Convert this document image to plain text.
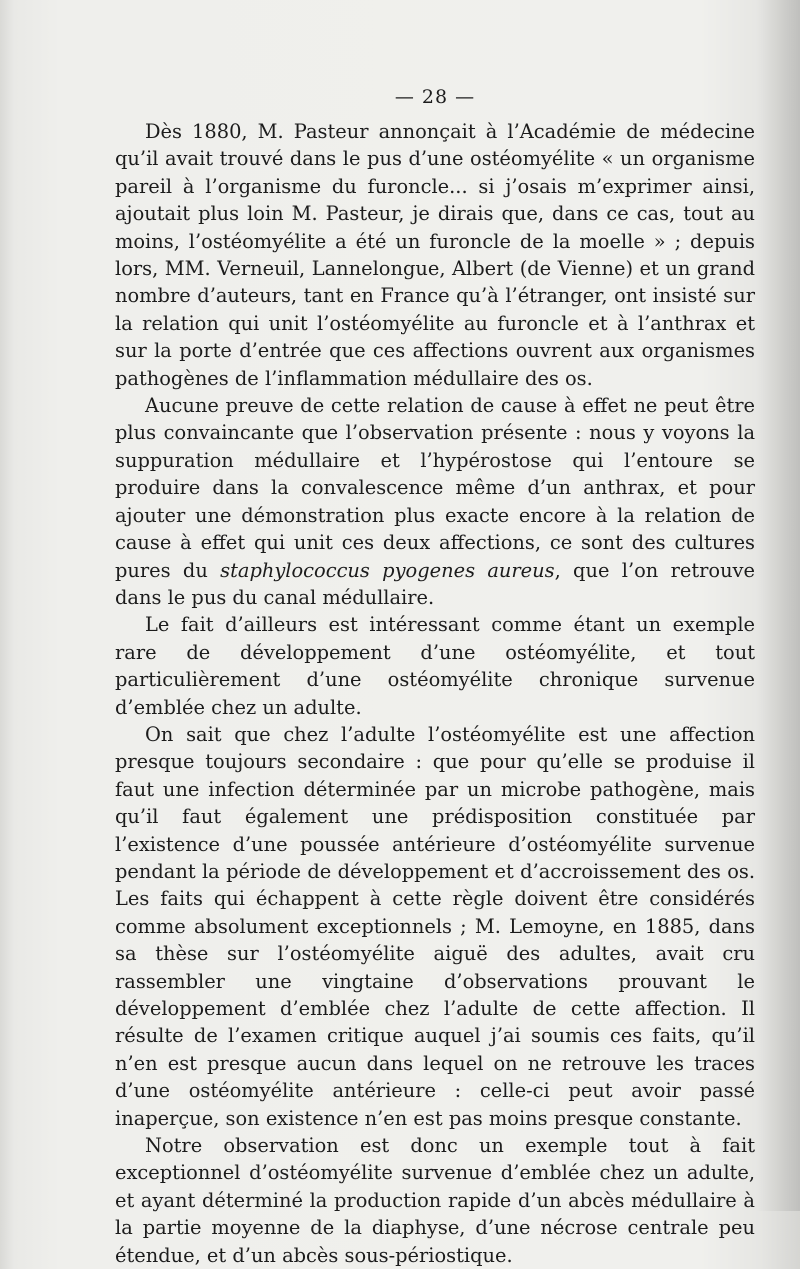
— 28 —

Dès 1880, M. Pasteur annonçait à l’Académie de médecine qu’il avait trouvé dans le pus d’une ostéomyélite « un organisme pareil à l’organisme du furoncle... si j’osais m’exprimer ainsi, ajoutait plus loin M. Pasteur, je dirais que, dans ce cas, tout au moins, l’ostéomyélite a été un furoncle de la moelle » ; depuis lors, MM. Verneuil, Lannelongue, Albert (de Vienne) et un grand nombre d’auteurs, tant en France qu’à l’étranger, ont insisté sur la relation qui unit l’ostéomyélite au furoncle et à l’anthrax et sur la porte d’entrée que ces affections ouvrent aux organismes pathogènes de l’inflammation médullaire des os.

Aucune preuve de cette relation de cause à effet ne peut être plus convaincante que l’observation présente : nous y voyons la suppuration médullaire et l’hypérostose qui l’entoure se produire dans la convalescence même d’un anthrax, et pour ajouter une démonstration plus exacte encore à la relation de cause à effet qui unit ces deux affections, ce sont des cultures pures du staphylococcus pyogenes aureus, que l’on retrouve dans le pus du canal médullaire.

Le fait d’ailleurs est intéressant comme étant un exemple rare de développement d’une ostéomyélite, et tout particulièrement d’une ostéomyélite chronique survenue d’emblée chez un adulte.

On sait que chez l’adulte l’ostéomyélite est une affection presque toujours secondaire : que pour qu’elle se produise il faut une infection déterminée par un microbe pathogène, mais qu’il faut également une prédisposition constituée par l’existence d’une poussée antérieure d’ostéomyélite survenue pendant la période de développement et d’accroissement des os. Les faits qui échappent à cette règle doivent être considérés comme absolument exceptionnels ; M. Lemoyne, en 1885, dans sa thèse sur l’ostéomyélite aiguë des adultes, avait cru rassembler une vingtaine d’observations prouvant le développement d’emblée chez l’adulte de cette affection. Il résulte de l’examen critique auquel j’ai soumis ces faits, qu’il n’en est presque aucun dans lequel on ne retrouve les traces d’une ostéomyélite antérieure : celle-ci peut avoir passé inaperçue, son existence n’en est pas moins presque constante.

Notre observation est donc un exemple tout à fait exceptionnel d’ostéomyélite survenue d’emblée chez un adulte, et ayant déterminé la production rapide d’un abcès médullaire à la partie moyenne de la diaphyse, d’une nécrose centrale peu étendue, et d’un abcès sous-périostique.
